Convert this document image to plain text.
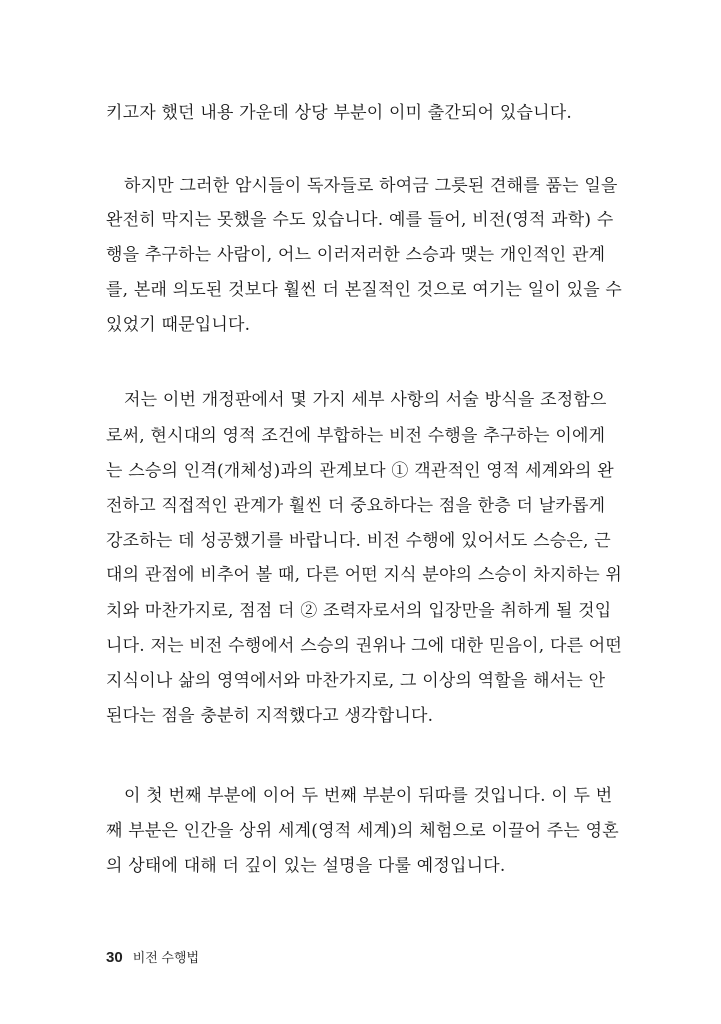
키고자 했던 내용 가운데 상당 부분이 이미 출간되어 있습니다.
하지만 그러한 암시들이 독자들로 하여금 그릇된 견해를 품는 일을
완전히 막지는 못했을 수도 있습니다. 예를 들어, 비전(영적 과학) 수
행을 추구하는 사람이, 어느 이러저러한 스승과 맺는 개인적인 관계
를, 본래 의도된 것보다 훨씬 더 본질적인 것으로 여기는 일이 있을 수
있었기 때문입니다.
저는 이번 개정판에서 몇 가지 세부 사항의 서술 방식을 조정함으
로써, 현시대의 영적 조건에 부합하는 비전 수행을 추구하는 이에게
는 스승의 인격(개체성)과의 관계보다 ① 객관적인 영적 세계와의 완
전하고 직접적인 관계가 훨씬 더 중요하다는 점을 한층 더 날카롭게
강조하는 데 성공했기를 바랍니다. 비전 수행에 있어서도 스승은, 근
대의 관점에 비추어 볼 때, 다른 어떤 지식 분야의 스승이 차지하는 위
치와 마찬가지로, 점점 더 ② 조력자로서의 입장만을 취하게 될 것입
니다. 저는 비전 수행에서 스승의 권위나 그에 대한 믿음이, 다른 어떤
지식이나 삶의 영역에서와 마찬가지로, 그 이상의 역할을 해서는 안
된다는 점을 충분히 지적했다고 생각합니다.
이 첫 번째 부분에 이어 두 번째 부분이 뒤따를 것입니다. 이 두 번
째 부분은 인간을 상위 세계(영적 세계)의 체험으로 이끌어 주는 영혼
의 상태에 대해 더 깊이 있는 설명을 다룰 예정입니다.
30 비전 수행법
